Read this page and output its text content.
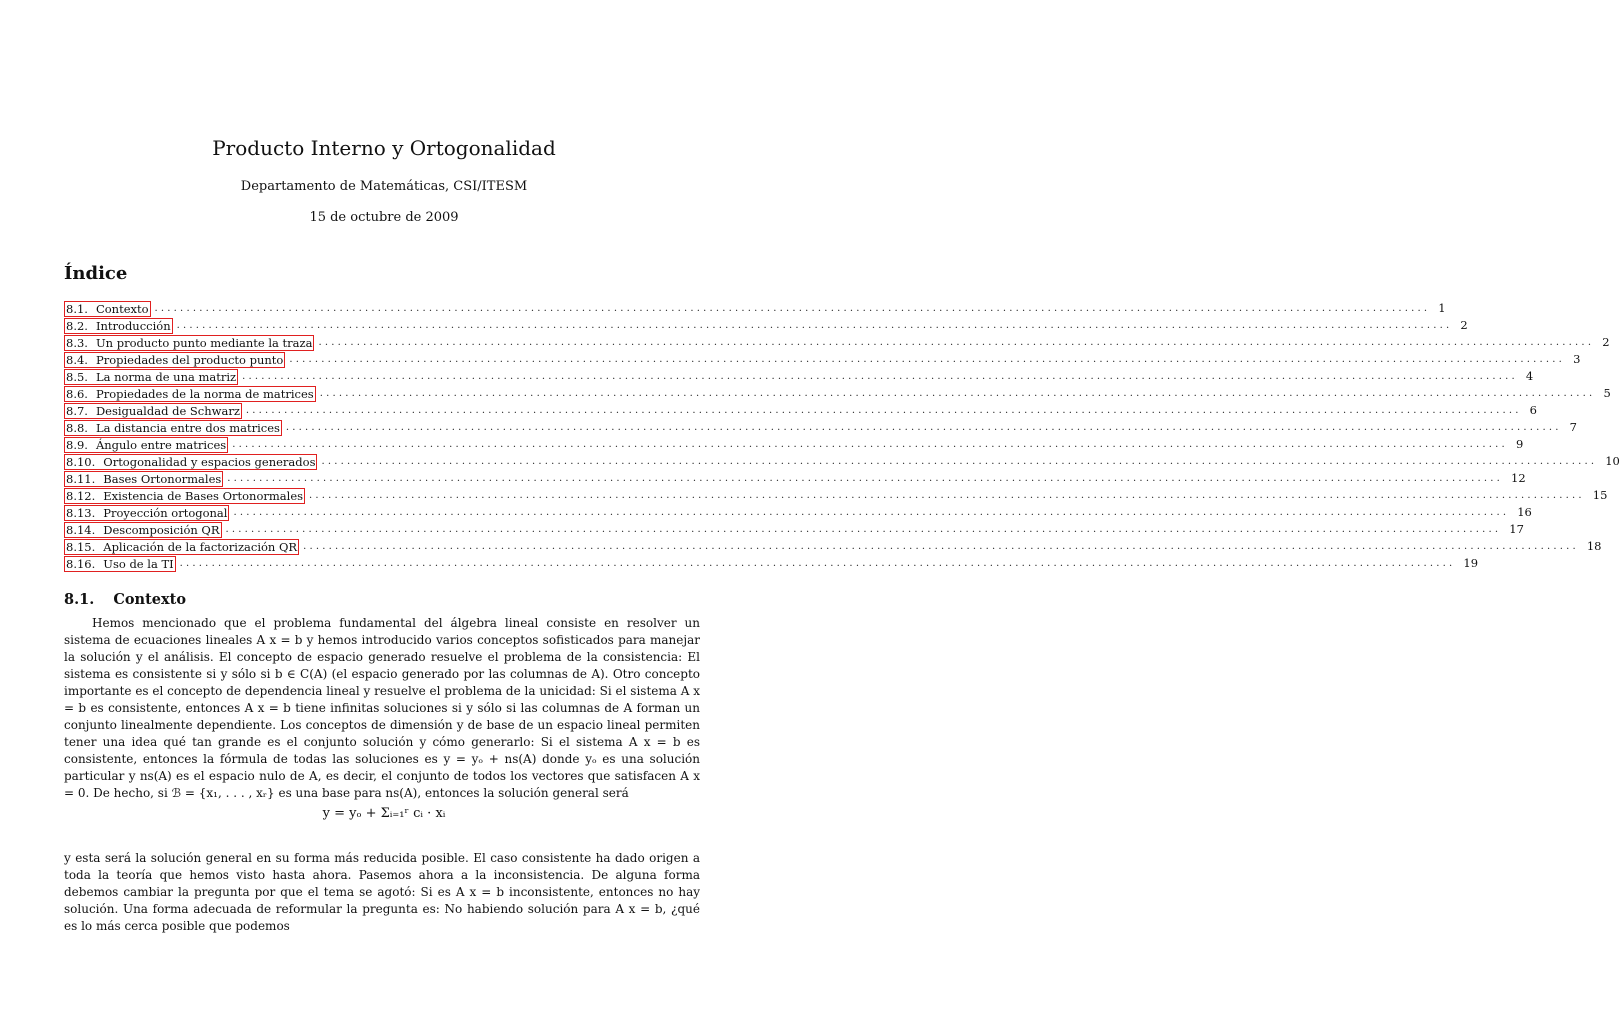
Producto Interno y Ortogonalidad
Departamento de Matemáticas, CSI/ITESM
15 de octubre de 2009
Índice
8.1. Contexto ........................................................................................................................................................................................................ 1
8.2. Introducción ........................................................................................................................................................................................................ 2
8.3. Un producto punto mediante la traza ........................................................................................................................................................................................................ 2
8.4. Propiedades del producto punto ........................................................................................................................................................................................................ 3
8.5. La norma de una matriz ........................................................................................................................................................................................................ 4
8.6. Propiedades de la norma de matrices ........................................................................................................................................................................................................ 5
8.7. Desigualdad de Schwarz ........................................................................................................................................................................................................ 6
8.8. La distancia entre dos matrices ........................................................................................................................................................................................................ 7
8.9. Ángulo entre matrices ........................................................................................................................................................................................................ 9
8.10. Ortogonalidad y espacios generados ........................................................................................................................................................................................................ 10
8.11. Bases Ortonormales ........................................................................................................................................................................................................ 12
8.12. Existencia de Bases Ortonormales ........................................................................................................................................................................................................ 15
8.13. Proyección ortogonal ........................................................................................................................................................................................................ 16
8.14. Descomposición QR ........................................................................................................................................................................................................ 17
8.15. Aplicación de la factorización QR ........................................................................................................................................................................................................ 18
8.16. Uso de la TI ........................................................................................................................................................................................................ 19
8.1. Contexto

Hemos mencionado que el problema fundamental del álgebra lineal consiste en resolver un sistema de ecuaciones lineales A x = b y hemos introducido varios conceptos sofisticados para manejar la solución y el análisis. El concepto de espacio generado resuelve el problema de la consistencia: El sistema es consistente si y sólo si b ∈ C(A) (el espacio generado por las columnas de A). Otro concepto importante es el concepto de dependencia lineal y resuelve el problema de la unicidad: Si el sistema A x = b es consistente, entonces A x = b tiene infinitas soluciones si y sólo si las columnas de A forman un conjunto linealmente dependiente. Los conceptos de dimensión y de base de un espacio lineal permiten tener una idea qué tan grande es el conjunto solución y cómo generarlo: Si el sistema A x = b es consistente, entonces la fórmula de todas las soluciones es y = yₒ + ns(A) donde yₒ es una solución particular y ns(A) es el espacio nulo de A, es decir, el conjunto de todos los vectores que satisfacen A x = 0. De hecho, si ℬ = {x₁, . . . , xᵣ} es una base para ns(A), entonces la solución general será

y = yₒ + Σᵢ₌₁ʳ cᵢ · xᵢ

y esta será la solución general en su forma más reducida posible. El caso consistente ha dado origen a toda la teoría que hemos visto hasta ahora. Pasemos ahora a la inconsistencia. De alguna forma debemos cambiar la pregunta por que el tema se agotó: Si es A x = b inconsistente, entonces no hay solución. Una forma adecuada de reformular la pregunta es: No habiendo solución para A x = b, ¿qué es lo más cerca posible que podemos
